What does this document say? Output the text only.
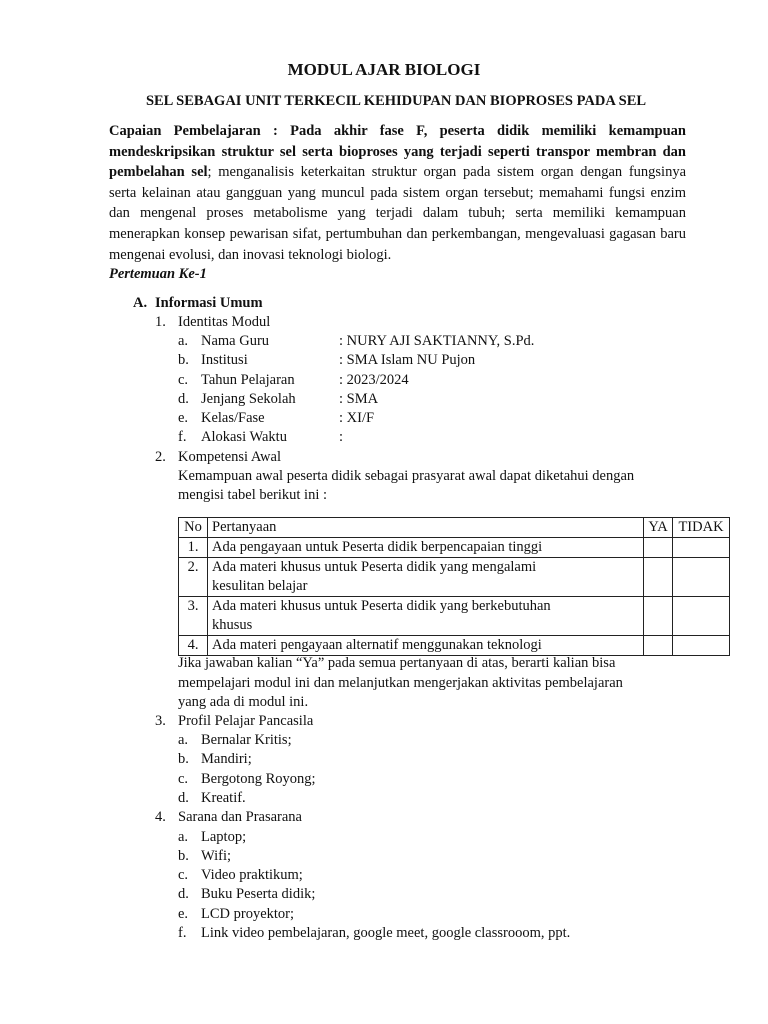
MODUL AJAR BIOLOGI
SEL SEBAGAI UNIT TERKECIL KEHIDUPAN DAN BIOPROSES PADA SEL
Capaian Pembelajaran : Pada akhir fase F, peserta didik memiliki kemampuan mendeskripsikan struktur sel serta bioproses yang terjadi seperti transpor membran dan pembelahan sel; menganalisis keterkaitan struktur organ pada sistem organ dengan fungsinya serta kelainan atau gangguan yang muncul pada sistem organ tersebut; memahami fungsi enzim dan mengenal proses metabolisme yang terjadi dalam tubuh; serta memiliki kemampuan menerapkan konsep pewarisan sifat, pertumbuhan dan perkembangan, mengevaluasi gagasan baru mengenai evolusi, dan inovasi teknologi biologi.
Pertemuan Ke-1
A. Informasi Umum
1. Identitas Modul
a. Nama Guru	: NURY AJI SAKTIANNY, S.Pd.
b. Institusi	: SMA Islam NU Pujon
c. Tahun Pelajaran	: 2023/2024
d. Jenjang Sekolah	: SMA
e. Kelas/Fase	: XI/F
f. Alokasi Waktu	:
2. Kompetensi Awal
Kemampuan awal peserta didik sebagai prasyarat awal dapat diketahui dengan
mengisi tabel berikut ini :
No	Pertanyaan	YA	TIDAK
1.	Ada pengayaan untuk Peserta didik berpencapaian tinggi		
2.	Ada materi khusus untuk Peserta didik yang mengalami
kesulitan belajar		

3.	Ada materi khusus untuk Peserta didik yang berkebutuhan
khusus		

4.	Ada materi pengayaan alternatif menggunakan teknologi		
Jika jawaban kalian “Ya” pada semua pertanyaan di atas, berarti kalian bisa
mempelajari modul ini dan melanjutkan mengerjakan aktivitas pembelajaran
yang ada di modul ini.
3. Profil Pelajar Pancasila
a. Bernalar Kritis;
b. Mandiri;
c. Bergotong Royong;
d. Kreatif.
4. Sarana dan Prasarana
a. Laptop;
b. Wifi;
c. Video praktikum;
d. Buku Peserta didik;
e. LCD proyektor;
f. Link video pembelajaran, google meet, google classrooom, ppt.
